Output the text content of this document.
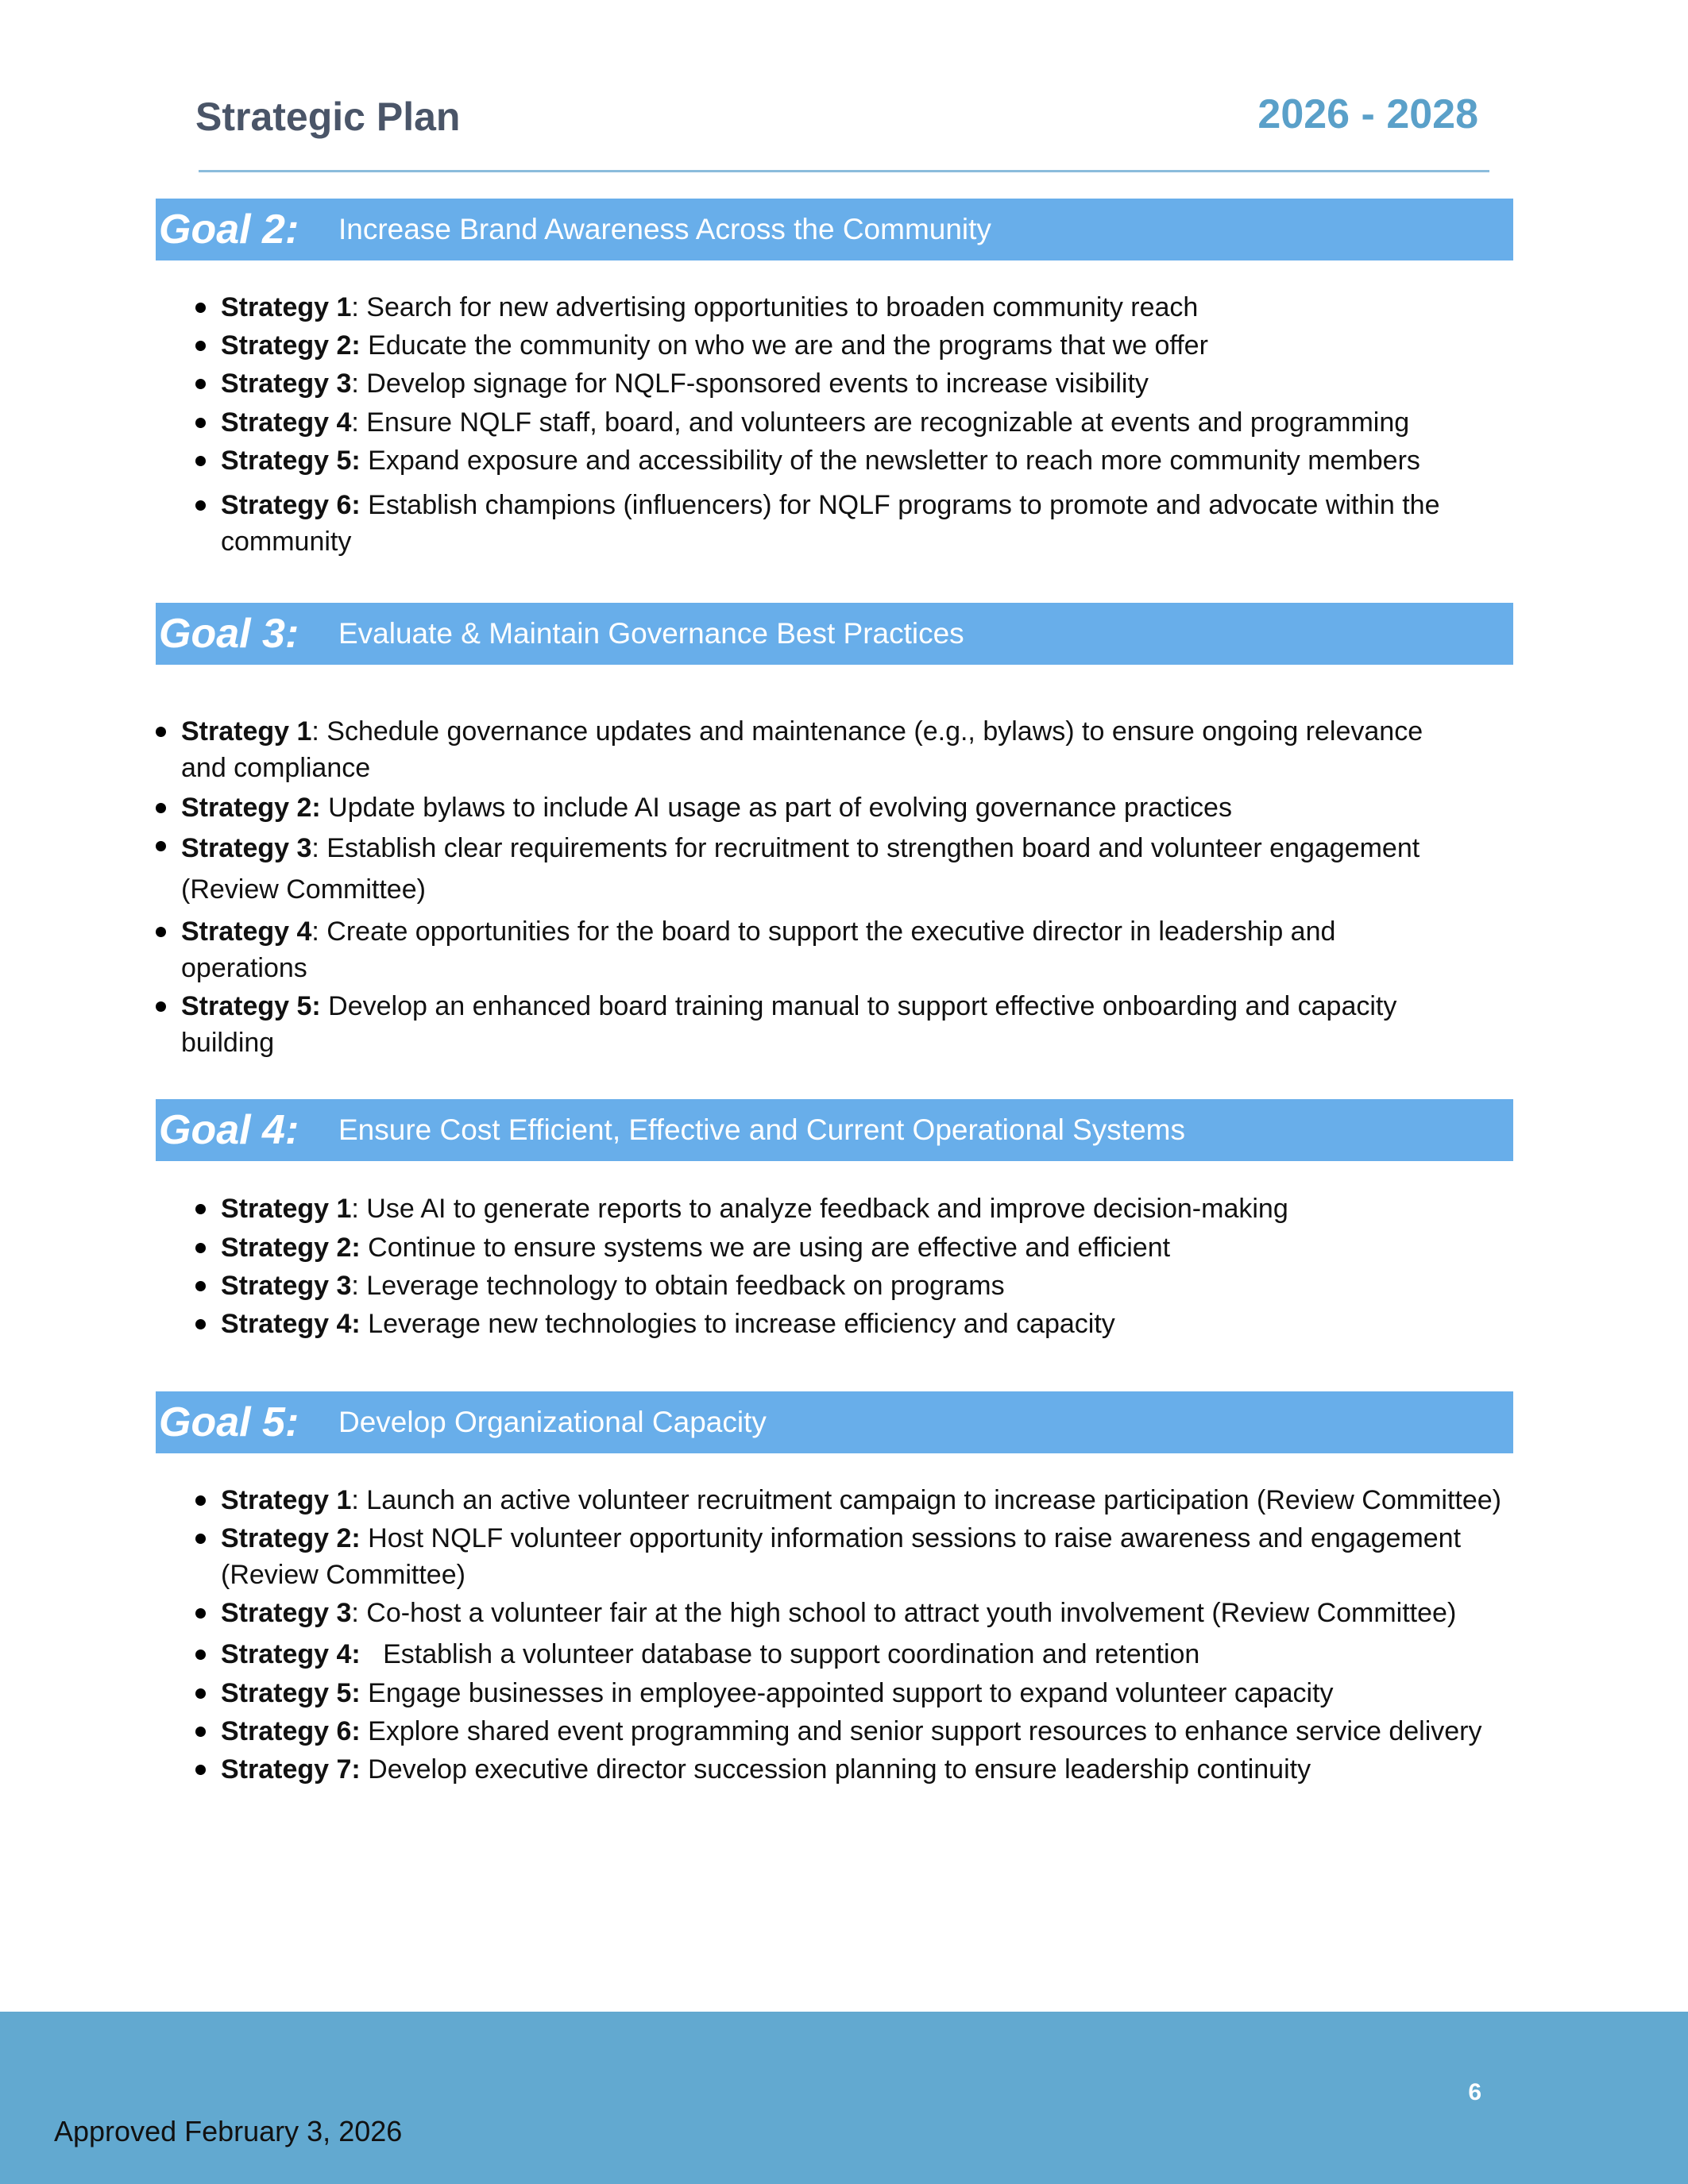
Strategic Plan	2026 - 2028
Goal 2:	Increase Brand Awareness Across the Community
Strategy 1: Search for new advertising opportunities to broaden community reach
Strategy 2: Educate the community on who we are and the programs that we offer
Strategy 3: Develop signage for NQLF-sponsored events to increase visibility
Strategy 4: Ensure NQLF staff, board, and volunteers are recognizable at events and programming
Strategy 5: Expand exposure and accessibility of the newsletter to reach more community members
Strategy 6: Establish champions (influencers) for NQLF programs to promote and advocate within the community
Goal 3:	Evaluate & Maintain Governance Best Practices
Strategy 1: Schedule governance updates and maintenance (e.g., bylaws) to ensure ongoing relevance and compliance
Strategy 2: Update bylaws to include AI usage as part of evolving governance practices
Strategy 3: Establish clear requirements for recruitment to strengthen board and volunteer engagement (Review Committee)
Strategy 4: Create opportunities for the board to support the executive director in leadership and operations
Strategy 5: Develop an enhanced board training manual to support effective onboarding and capacity building
Goal 4:	Ensure Cost Efficient, Effective and Current Operational Systems
Strategy 1: Use AI to generate reports to analyze feedback and improve decision-making
Strategy 2: Continue to ensure systems we are using are effective and efficient
Strategy 3: Leverage technology to obtain feedback on programs
Strategy 4: Leverage new technologies to increase efficiency and capacity
Goal 5:	Develop Organizational Capacity
Strategy 1: Launch an active volunteer recruitment campaign to increase participation (Review Committee)
Strategy 2: Host NQLF volunteer opportunity information sessions to raise awareness and engagement (Review Committee)
Strategy 3: Co-host a volunteer fair at the high school to attract youth involvement (Review Committee)
Strategy 4:   Establish a volunteer database to support coordination and retention
Strategy 5: Engage businesses in employee-appointed support to expand volunteer capacity
Strategy 6: Explore shared event programming and senior support resources to enhance service delivery
Strategy 7: Develop executive director succession planning to ensure leadership continuity
6
Approved February 3, 2026
